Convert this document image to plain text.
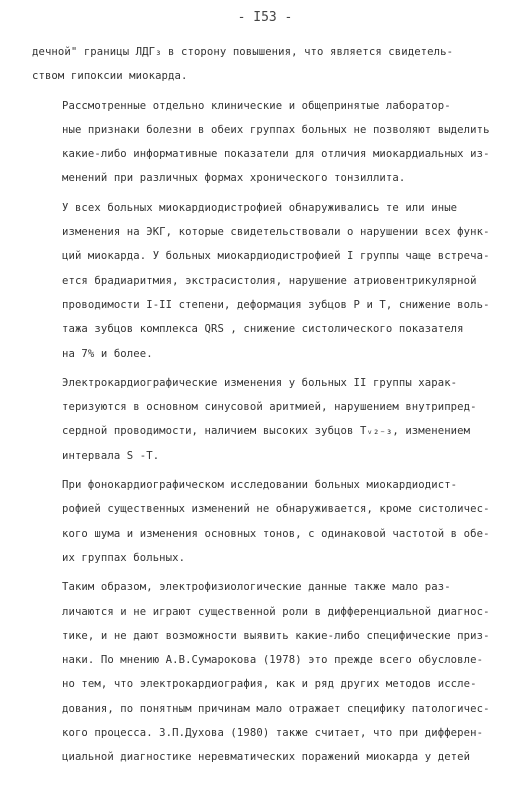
- I53 -
дечной" границы ЛДГ₃ в сторону повышения, что является свидетель-
ством гипоксии миокарда.
Рассмотренные отдельно клинические и общепринятые лаборатор-
ные признаки болезни в обеих группах больных не позволяют выделить
какие-либо информативные показатели для отличия миокардиальных из-
менений при различных формах хронического тонзиллита.
У всех больных миокардиодистрофией обнаруживались те или иные
изменения на ЭКГ, которые свидетельствовали о нарушении всех функ-
ций миокарда. У больных миокардиодистрофией I группы чаще встреча-
ется брадиаритмия, экстрасистолия, нарушение атриовентрикулярной
проводимости I-II степени, деформация зубцов Р и Т, снижение воль-
тажа зубцов комплекса QRS , снижение систолического показателя
на 7% и более.
Электрокардиографические изменения у больных II группы харак-
теризуются в основном синусовой аритмией, нарушением внутрипред-
сердной проводимости, наличием высоких зубцов Tᵥ₂₋₃, изменением
интервала S -Т.
При фонокардиографическом исследовании больных миокардиодист-
рофией существенных изменений не обнаруживается, кроме систоличес-
кого шума и изменения основных тонов, с одинаковой частотой в обе-
их группах больных.
Таким образом, электрофизиологические данные также мало раз-
личаются и не играют существенной роли в дифференциальной диагнос-
тике, и не дают возможности выявить какие-либо специфические приз-
наки. По мнению А.В.Сумарокова (1978) это прежде всего обусловле-
но тем, что электрокардиография, как и ряд других методов иссле-
дования, по понятным причинам мало отражает специфику патологичес-
кого процесса. З.П.Духова (1980) также считает, что при дифферен-
циальной диагностике неревматических поражений миокарда у детей
